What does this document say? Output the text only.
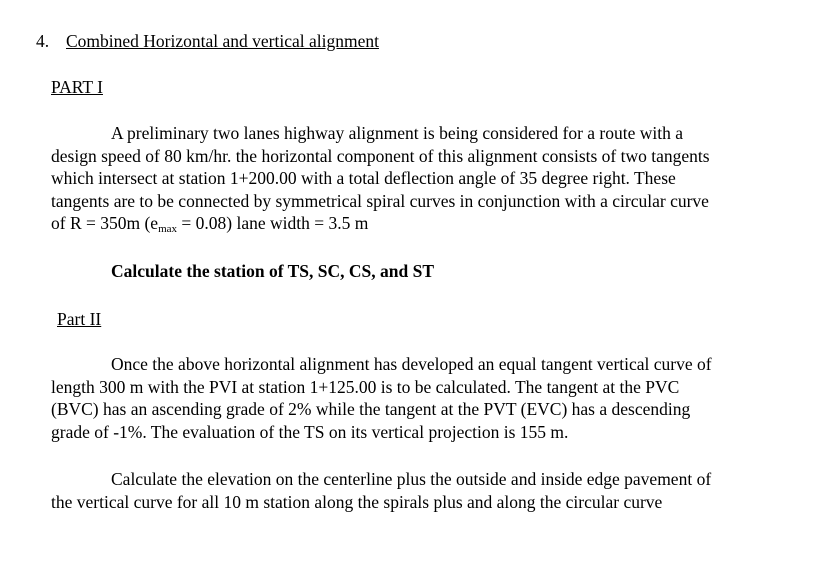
4. Combined Horizontal and vertical alignment
PART I
A preliminary two lanes highway alignment is being considered for a route with a
design speed of 80 km/hr. the horizontal component of this alignment consists of two tangents
which intersect at station 1+200.00 with a total deflection angle of 35 degree right. These
tangents are to be connected by symmetrical spiral curves in conjunction with a circular curve
of R = 350m $(e_{max} = 0.08)$ lane width = 3.5 m
Calculate the station of TS, SC, CS, and ST
Part II
Once the above horizontal alignment has developed an equal tangent vertical curve of
length 300 m with the PVI at station 1+125.00 is to be calculated. The tangent at the PVC
(BVC) has an ascending grade of 2% while the tangent at the PVT (EVC) has a descending
grade of -1%. The evaluation of the TS on its vertical projection is 155 m.
Calculate the elevation on the centerline plus the outside and inside edge pavement of
the vertical curve for all 10 m station along the spirals plus and along the circular curve
